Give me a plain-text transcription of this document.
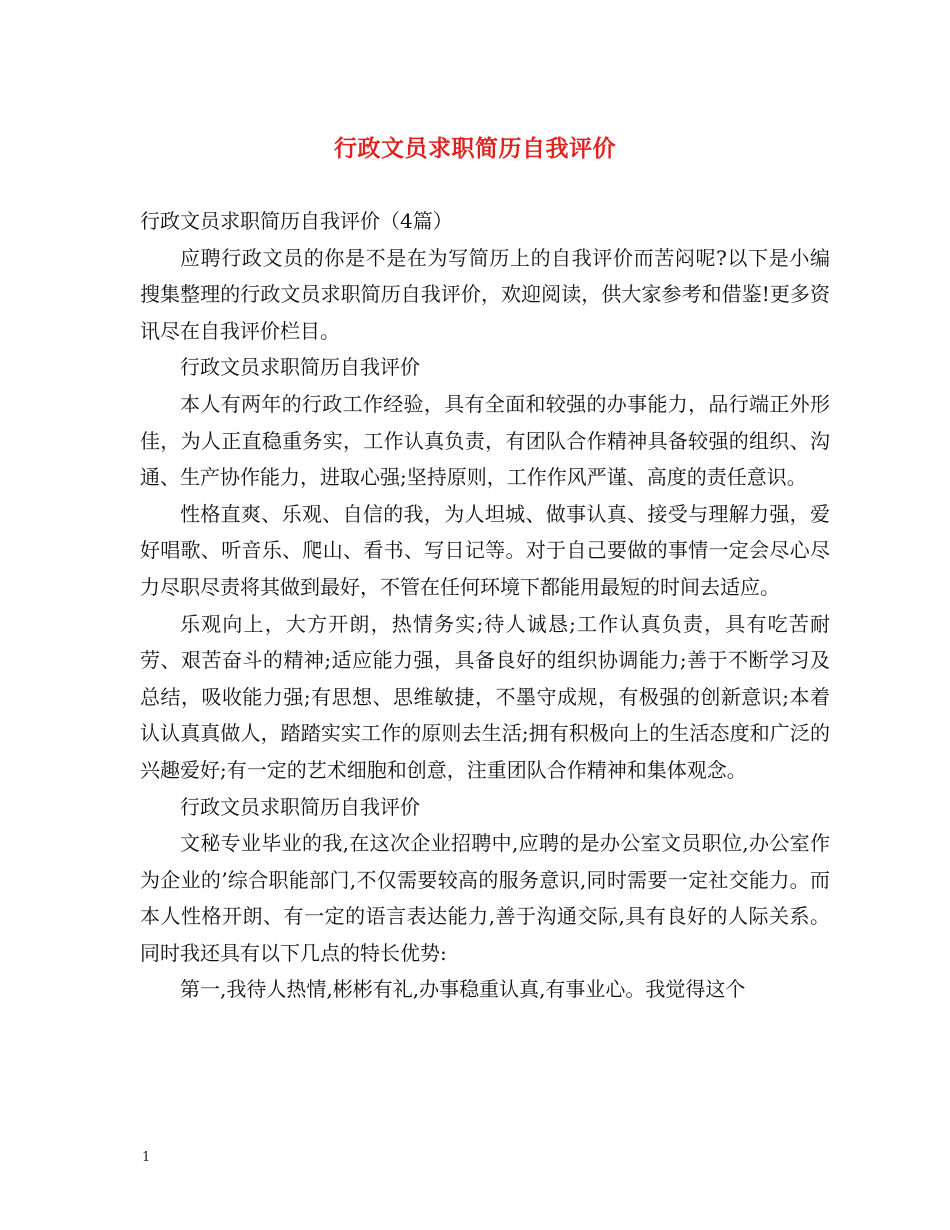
行政文员求职简历自我评价

行政文员求职简历自我评价（4篇）

应聘行政文员的你是不是在为写简历上的自我评价而苦闷呢?以下是小编搜集整理的行政文员求职简历自我评价，欢迎阅读，供大家参考和借鉴!更多资讯尽在自我评价栏目。

行政文员求职简历自我评价

本人有两年的行政工作经验，具有全面和较强的办事能力，品行端正外形佳，为人正直稳重务实，工作认真负责，有团队合作精神具备较强的组织、沟通、生产协作能力，进取心强;坚持原则，工作作风严谨、高度的责任意识。

性格直爽、乐观、自信的我，为人坦城、做事认真、接受与理解力强，爱好唱歌、听音乐、爬山、看书、写日记等。对于自己要做的事情一定会尽心尽力尽职尽责将其做到最好，不管在任何环境下都能用最短的时间去适应。

乐观向上，大方开朗，热情务实;待人诚恳;工作认真负责，具有吃苦耐劳、艰苦奋斗的精神;适应能力强，具备良好的组织协调能力;善于不断学习及总结，吸收能力强;有思想、思维敏捷，不墨守成规，有极强的创新意识;本着认认真真做人，踏踏实实工作的原则去生活;拥有积极向上的生活态度和广泛的兴趣爱好;有一定的艺术细胞和创意，注重团队合作精神和集体观念。

行政文员求职简历自我评价

文秘专业毕业的我,在这次企业招聘中,应聘的是办公室文员职位,办公室作为企业的’综合职能部门,不仅需要较高的服务意识,同时需要一定社交能力。而本人性格开朗、有一定的语言表达能力,善于沟通交际,具有良好的人际关系。同时我还具有以下几点的特长优势:

第一,我待人热情,彬彬有礼,办事稳重认真,有事业心。我觉得这个

1
